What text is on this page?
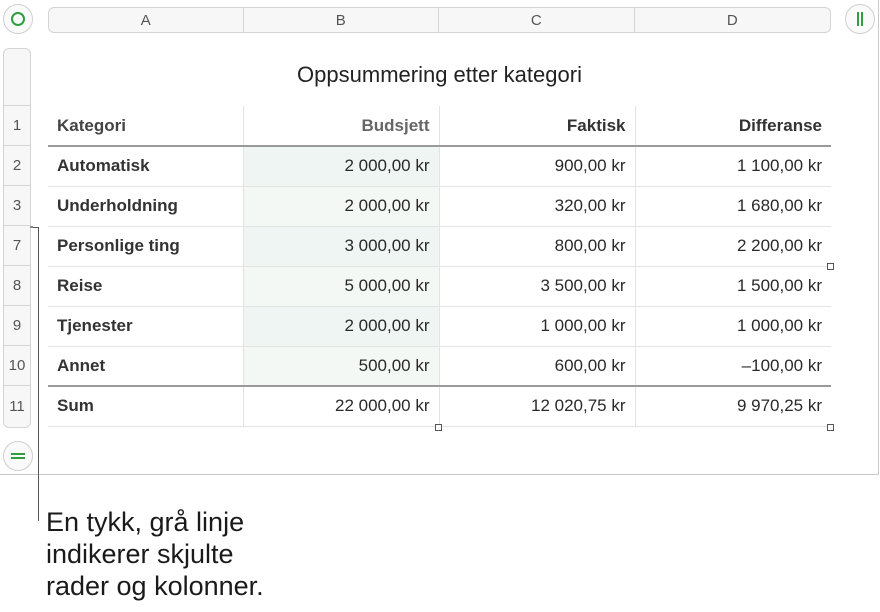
A	B	C	D
1
2
3
7
8
9
10
11
Oppsummering etter kategori
Kategori	Budsjett	Faktisk	Differanse
Automatisk	2 000,00 kr	900,00 kr	1 100,00 kr
Underholdning	2 000,00 kr	320,00 kr	1 680,00 kr
Personlige ting	3 000,00 kr	800,00 kr	2 200,00 kr
Reise	5 000,00 kr	3 500,00 kr	1 500,00 kr
Tjenester	2 000,00 kr	1 000,00 kr	1 000,00 kr
Annet	500,00 kr	600,00 kr	–100,00 kr
Sum	22 000,00 kr	12 020,75 kr	9 970,25 kr
En tykk, grå linje
indikerer skjulte
rader og kolonner.
